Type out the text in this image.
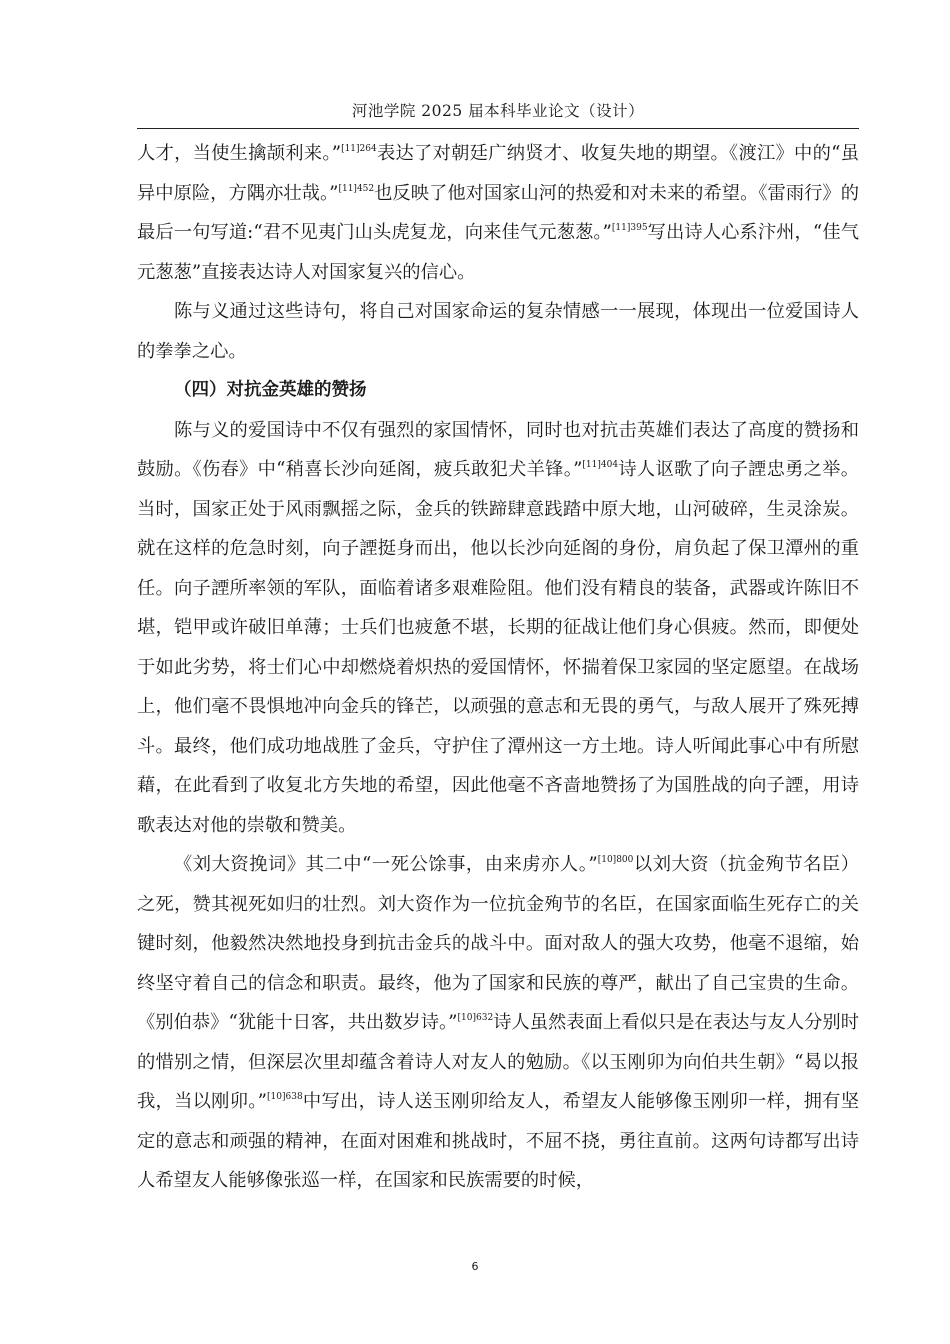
河池学院 2025 届本科毕业论文（设计）

人才，当使生擒颉利来。”$^{[11]264}$表达了对朝廷广纳贤才、收复失地的期望。《渡江》中的“虽异中原险，方隅亦壮哉。”$^{[11]452}$也反映了他对国家山河的热爱和对未来的希望。《雷雨行》的最后一句写道:“君不见夷门山头虎复龙，向来佳气元葱葱。”$^{[11]395}$写出诗人心系汴州，“佳气元葱葱”直接表达诗人对国家复兴的信心。

陈与义通过这些诗句，将自己对国家命运的复杂情感一一展现，体现出一位爱国诗人的拳拳之心。

（四）对抗金英雄的赞扬

陈与义的爱国诗中不仅有强烈的家国情怀，同时也对抗击英雄们表达了高度的赞扬和鼓励。《伤春》中“稍喜长沙向延阁，疲兵敢犯犬羊锋。”$^{[11]404}$诗人讴歌了向子諲忠勇之举。当时，国家正处于风雨飘摇之际，金兵的铁蹄肆意践踏中原大地，山河破碎，生灵涂炭。就在这样的危急时刻，向子諲挺身而出，他以长沙向延阁的身份，肩负起了保卫潭州的重任。向子諲所率领的军队，面临着诸多艰难险阻。他们没有精良的装备，武器或许陈旧不堪，铠甲或许破旧单薄；士兵们也疲惫不堪，长期的征战让他们身心俱疲。然而，即便处于如此劣势，将士们心中却燃烧着炽热的爱国情怀，怀揣着保卫家园的坚定愿望。在战场上，他们毫不畏惧地冲向金兵的锋芒，以顽强的意志和无畏的勇气，与敌人展开了殊死搏斗。最终，他们成功地战胜了金兵，守护住了潭州这一方土地。诗人听闻此事心中有所慰藉，在此看到了收复北方失地的希望，因此他毫不吝啬地赞扬了为国胜战的向子諲，用诗歌表达对他的崇敬和赞美。

《刘大资挽词》其二中“一死公馀事，由来虏亦人。”$^{[10]800}$以刘大资（抗金殉节名臣）之死，赞其视死如归的壮烈。刘大资作为一位抗金殉节的名臣，在国家面临生死存亡的关键时刻，他毅然决然地投身到抗击金兵的战斗中。面对敌人的强大攻势，他毫不退缩，始终坚守着自己的信念和职责。最终，他为了国家和民族的尊严，献出了自己宝贵的生命。《别伯恭》“犹能十日客，共出数岁诗。”$^{[10]632}$诗人虽然表面上看似只是在表达与友人分别时的惜别之情，但深层次里却蕴含着诗人对友人的勉励。《以玉刚卯为向伯共生朝》“曷以报我，当以刚卯。”$^{[10]638}$中写出，诗人送玉刚卯给友人，希望友人能够像玉刚卯一样，拥有坚定的意志和顽强的精神，在面对困难和挑战时，不屈不挠，勇往直前。这两句诗都写出诗人希望友人能够像张巡一样，在国家和民族需要的时候，

6
